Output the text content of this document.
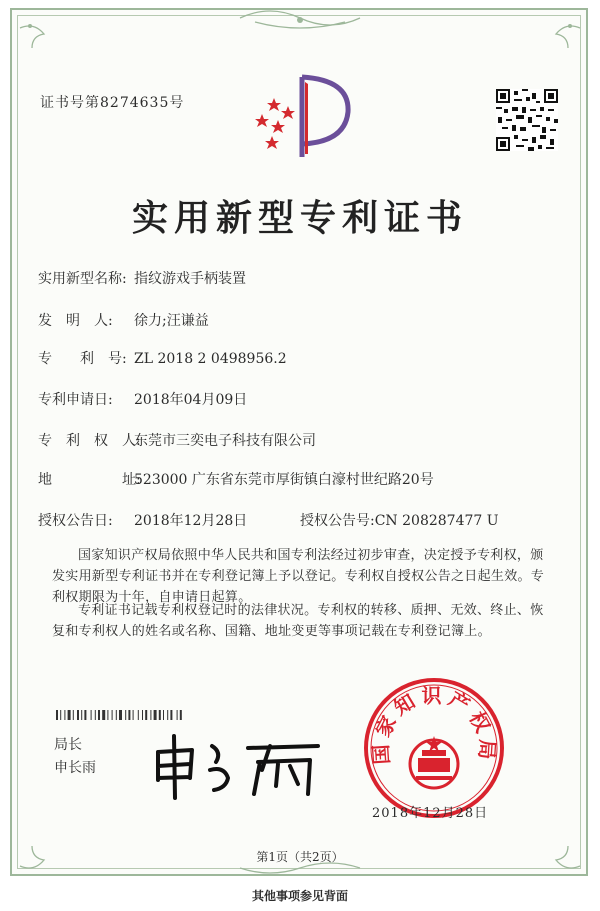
证书号第8274635号
实用新型专利证书
实用新型名称: 指纹游戏手柄装置
发　明　人: 徐力;汪谦益
专　　利　号: ZL 2018 2 0498956.2
专利申请日: 2018年04月09日
专　利　权　人:东莞市三奕电子科技有限公司
地　　　　　址:523000 广东省东莞市厚街镇白濠村世纪路20号
授权公告日: 2018年12月28日	授权公告号:CN 208287477 U
国家知识产权局依照中华人民共和国专利法经过初步审查，决定授予专利权，颁发实用新型专利证书并在专利登记簿上予以登记。专利权自授权公告之日起生效。专利权期限为十年，自申请日起算。
专利证书记载专利权登记时的法律状况。专利权的转移、质押、无效、终止、恢复和专利权人的姓名或名称、国籍、地址变更等事项记载在专利登记簿上。
局长
申长雨
国家知识产权局
2018年12月28日
第1页（共2页）
其他事项参见背面
